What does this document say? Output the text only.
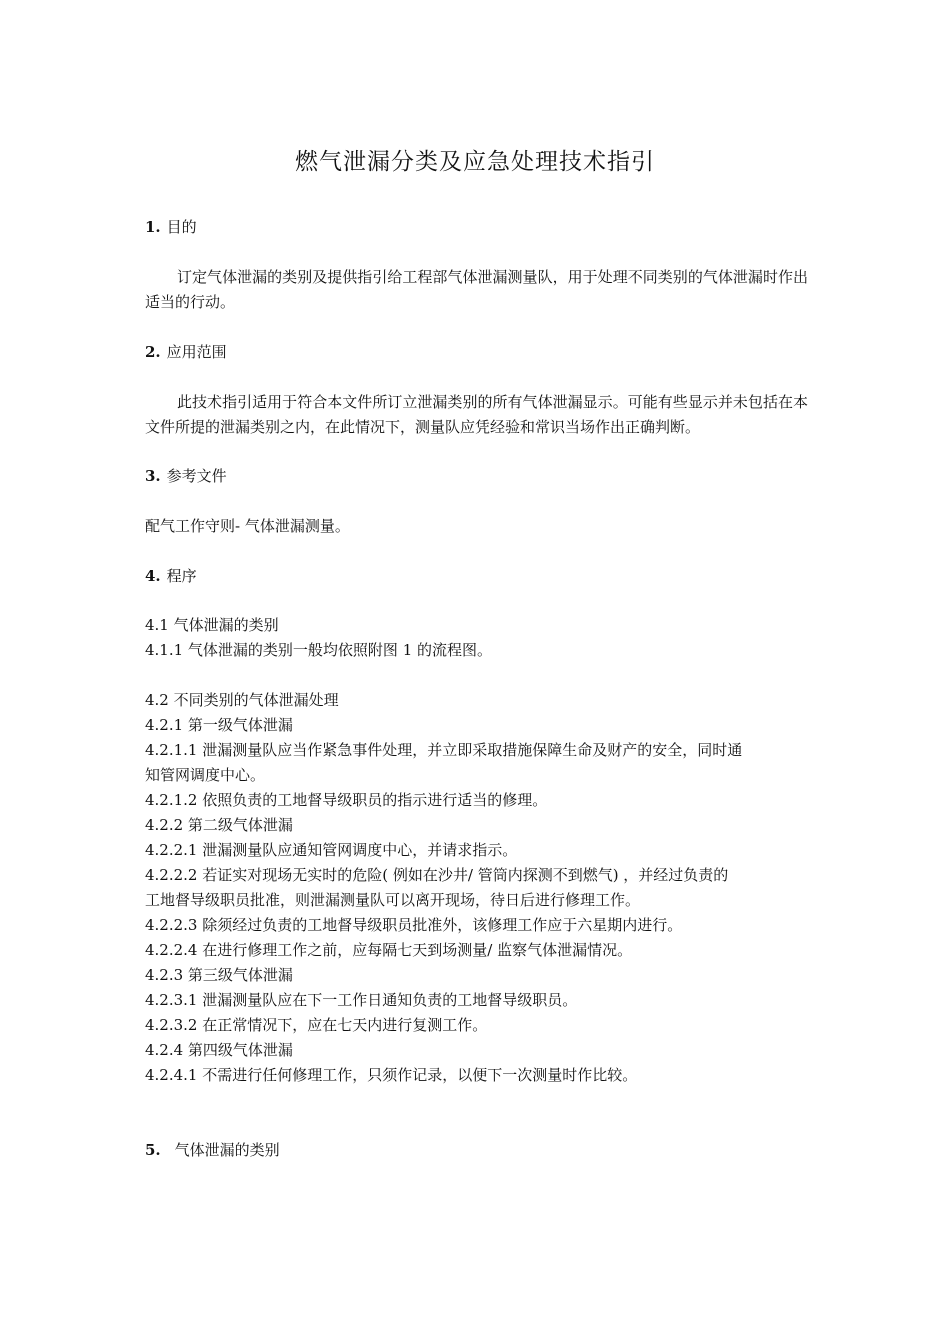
燃气泄漏分类及应急处理技术指引
1. 目的
订定气体泄漏的类别及提供指引给工程部气体泄漏测量队，用于处理不同类别的气体泄漏时作出适当的行动。
2. 应用范围
此技术指引适用于符合本文件所订立泄漏类别的所有气体泄漏显示。可能有些显示并未包括在本文件所提的泄漏类别之内，在此情况下，测量队应凭经验和常识当场作出正确判断。
3. 参考文件
配气工作守则- 气体泄漏测量。
4. 程序
4.1 气体泄漏的类别
4.1.1 气体泄漏的类别一般均依照附图 1 的流程图。
4.2 不同类别的气体泄漏处理
4.2.1 第一级气体泄漏
4.2.1.1 泄漏测量队应当作紧急事件处理，并立即采取措施保障生命及财产的安全，同时通
知管网调度中心。
4.2.1.2 依照负责的工地督导级职员的指示进行适当的修理。
4.2.2 第二级气体泄漏
4.2.2.1 泄漏测量队应通知管网调度中心，并请求指示。
4.2.2.2 若证实对现场无实时的危险( 例如在沙井/ 管筒内探测不到燃气) ，并经过负责的
工地督导级职员批准，则泄漏测量队可以离开现场，待日后进行修理工作。
4.2.2.3 除须经过负责的工地督导级职员批准外，该修理工作应于六星期内进行。
4.2.2.4 在进行修理工作之前，应每隔七天到场测量/ 监察气体泄漏情况。
4.2.3 第三级气体泄漏
4.2.3.1 泄漏测量队应在下一工作日通知负责的工地督导级职员。
4.2.3.2 在正常情况下，应在七天内进行复测工作。
4.2.4 第四级气体泄漏
4.2.4.1 不需进行任何修理工作，只须作记录，以便下一次测量时作比较。
5. 气体泄漏的类别
